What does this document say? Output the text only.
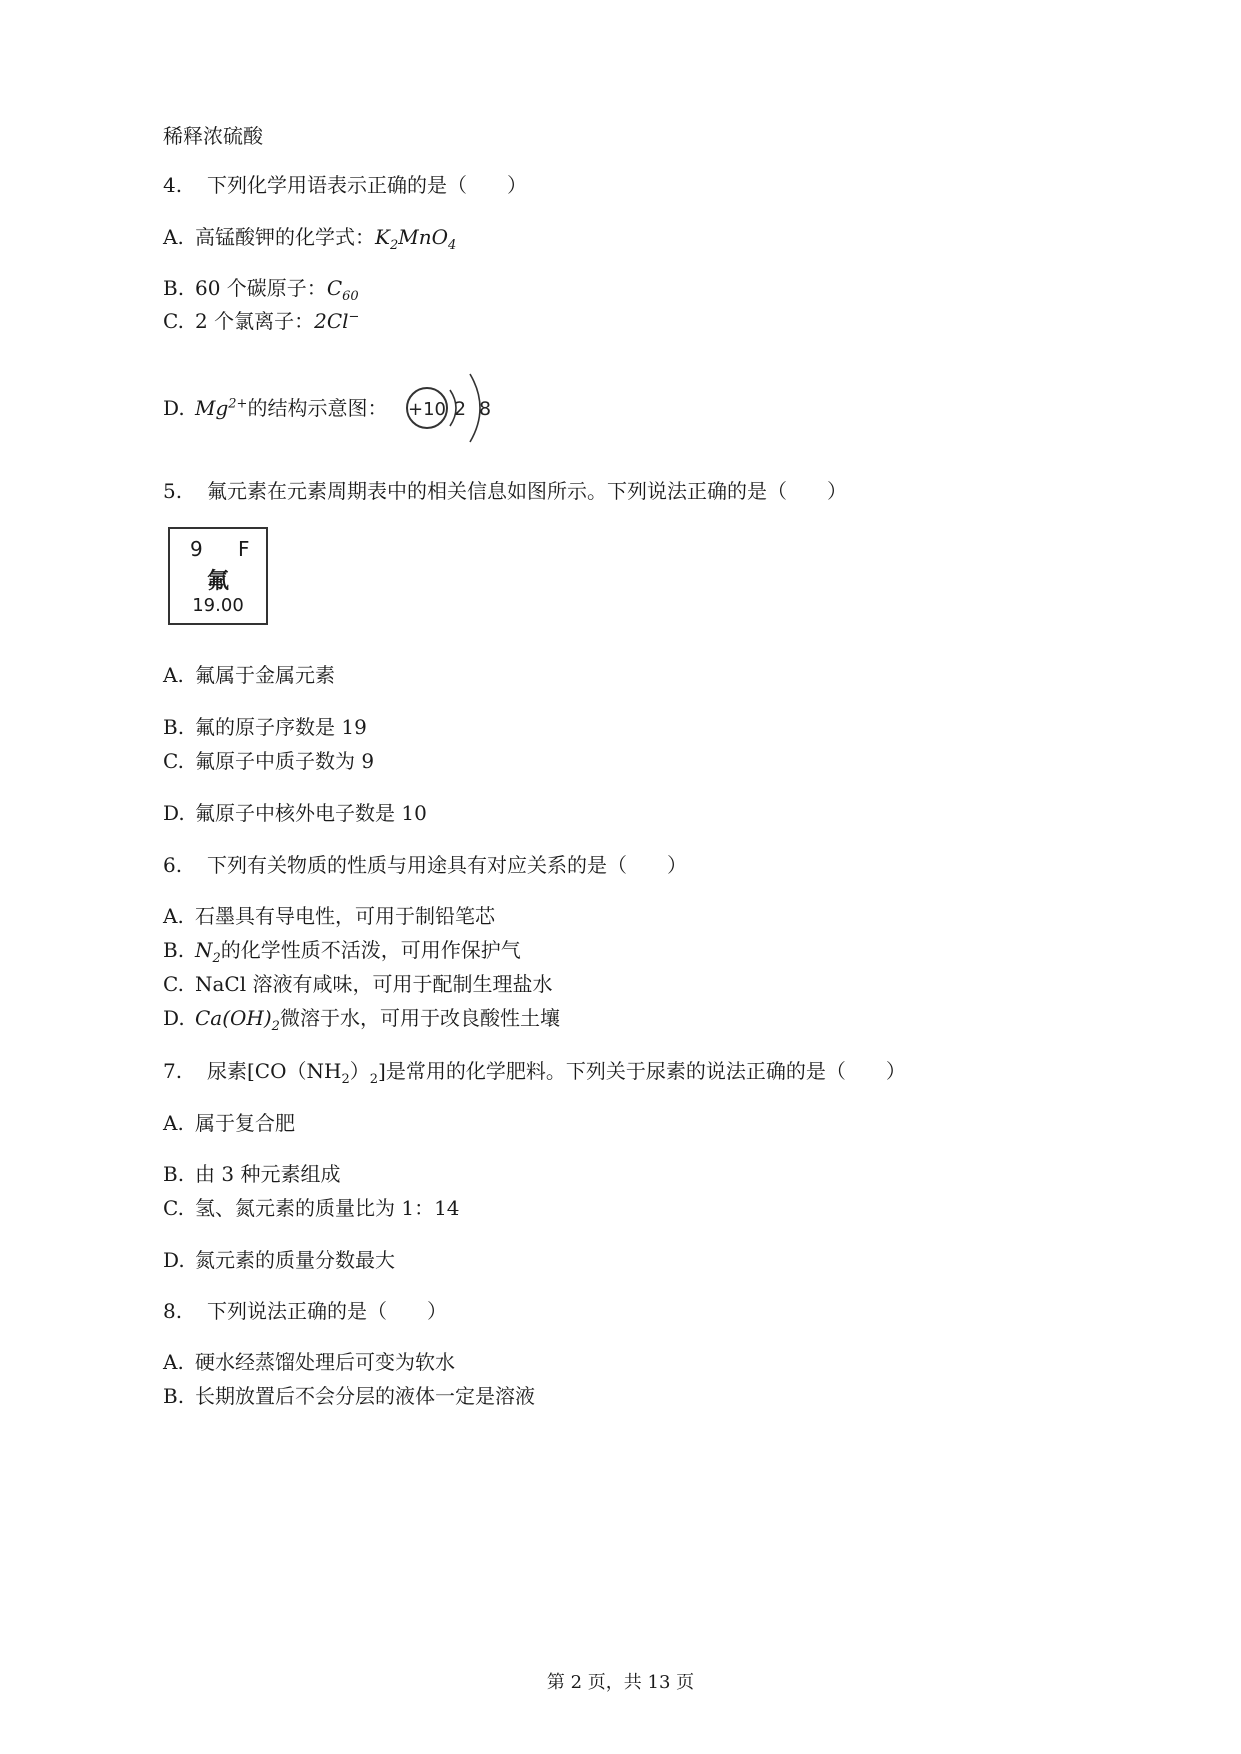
稀释浓硫酸
4. 下列化学用语表示正确的是（　　）
A. 高锰酸钾的化学式：$K_2MnO_4$
B. 60 个碳原子：$C_{60}$
C. 2 个氯离子：2Cl−
D. $Mg^{2+}$的结构示意图： +10 2 8
5. 氟元素在元素周期表中的相关信息如图所示。下列说法正确的是（　　）
9 F
氟
19.00
A. 氟属于金属元素
B. 氟的原子序数是 19
C. 氟原子中质子数为 9
D. 氟原子中核外电子数是 10
6. 下列有关物质的性质与用途具有对应关系的是（　　）
A. 石墨具有导电性，可用于制铅笔芯
B. $N_2$的化学性质不活泼，可用作保护气
C. NaCl 溶液有咸味，可用于配制生理盐水
D. $Ca(OH)_2$微溶于水，可用于改良酸性土壤
7. 尿素$[CO(NH_2)_2]$是常用的化学肥料。下列关于尿素的说法正确的是（　　）
A. 属于复合肥
B. 由 3 种元素组成
C. 氢、氮元素的质量比为 1：14
D. 氮元素的质量分数最大
8. 下列说法正确的是（　　）
A. 硬水经蒸馏处理后可变为软水
B. 长期放置后不会分层的液体一定是溶液
第 2 页，共 13 页
